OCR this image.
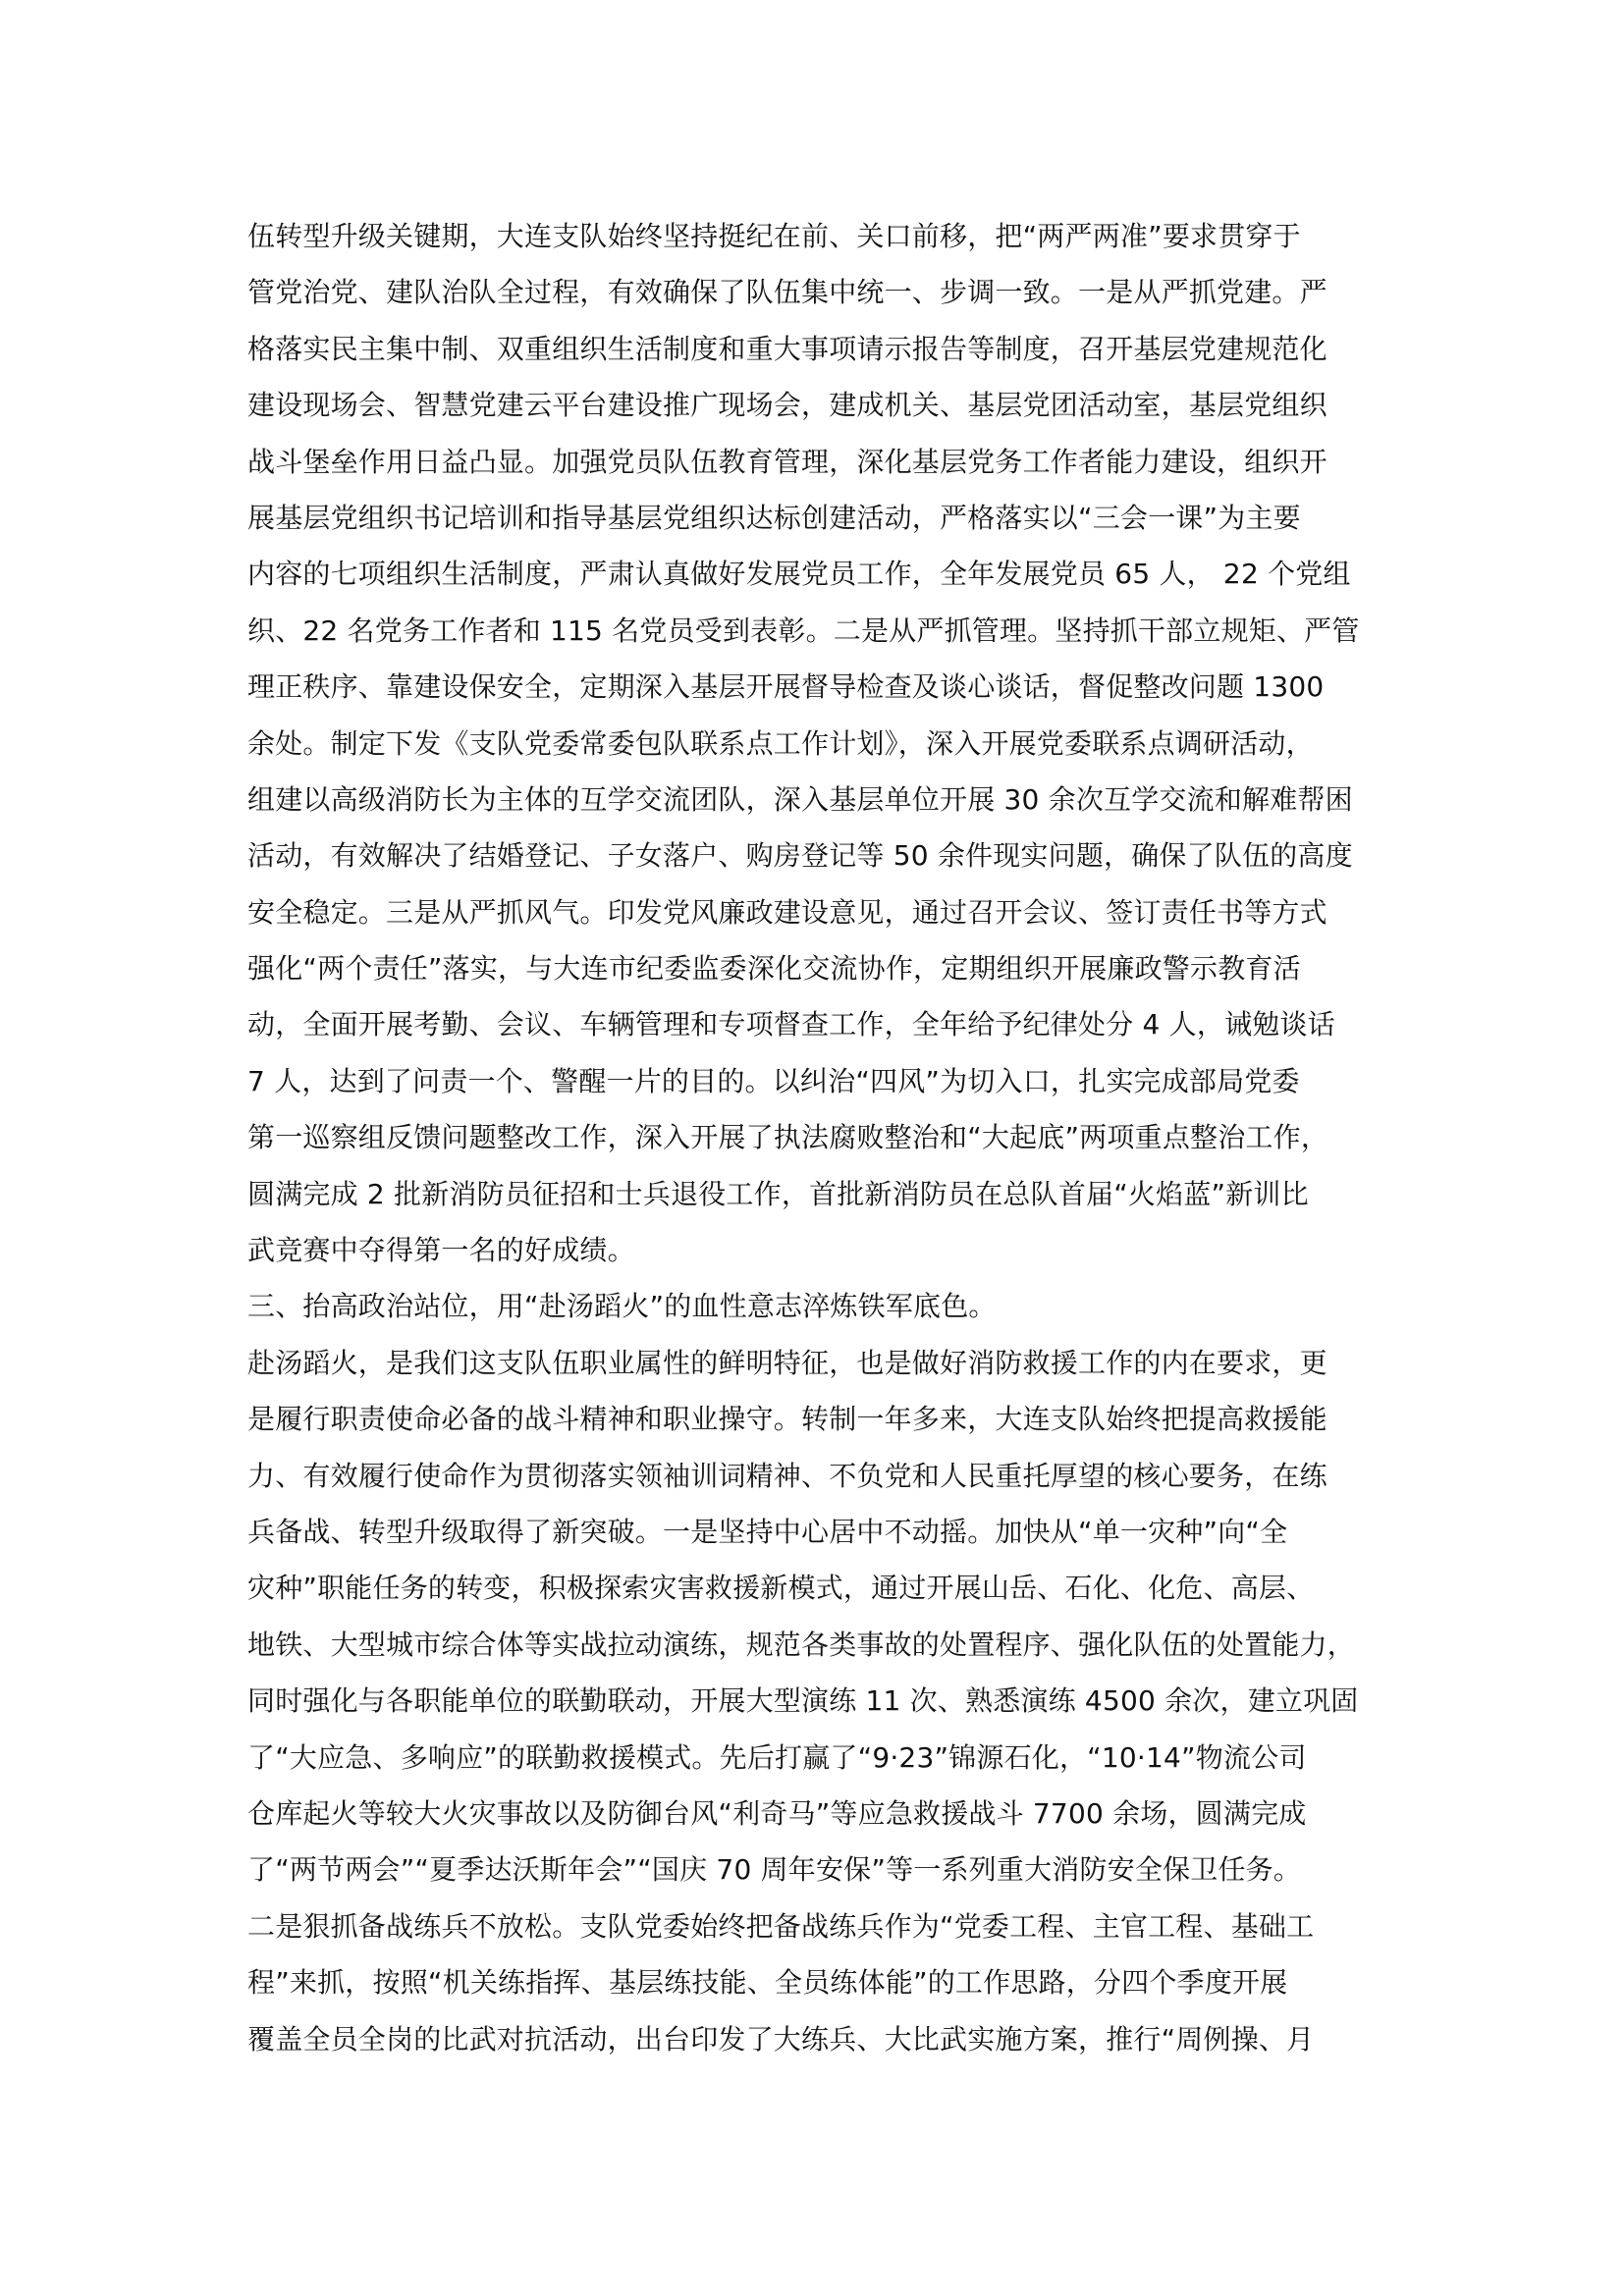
伍转型升级关键期，大连支队始终坚持挺纪在前、关口前移，把“两严两准”要求贯穿于
管党治党、建队治队全过程，有效确保了队伍集中统一、步调一致。一是从严抓党建。严
格落实民主集中制、双重组织生活制度和重大事项请示报告等制度，召开基层党建规范化
建设现场会、智慧党建云平台建设推广现场会，建成机关、基层党团活动室，基层党组织
战斗堡垒作用日益凸显。加强党员队伍教育管理，深化基层党务工作者能力建设，组织开
展基层党组织书记培训和指导基层党组织达标创建活动，严格落实以“三会一课”为主要
内容的七项组织生活制度，严肃认真做好发展党员工作，全年发展党员 65 人， 22 个党组
织、22 名党务工作者和 115 名党员受到表彰。二是从严抓管理。坚持抓干部立规矩、严管
理正秩序、靠建设保安全，定期深入基层开展督导检查及谈心谈话，督促整改问题 1300
余处。制定下发《支队党委常委包队联系点工作计划》，深入开展党委联系点调研活动，
组建以高级消防长为主体的互学交流团队，深入基层单位开展 30 余次互学交流和解难帮困
活动，有效解决了结婚登记、子女落户、购房登记等 50 余件现实问题，确保了队伍的高度
安全稳定。三是从严抓风气。印发党风廉政建设意见，通过召开会议、签订责任书等方式
强化“两个责任”落实，与大连市纪委监委深化交流协作，定期组织开展廉政警示教育活
动，全面开展考勤、会议、车辆管理和专项督查工作，全年给予纪律处分 4 人，诫勉谈话
7 人，达到了问责一个、警醒一片的目的。以纠治“四风”为切入口，扎实完成部局党委
第一巡察组反馈问题整改工作，深入开展了执法腐败整治和“大起底”两项重点整治工作，
圆满完成 2 批新消防员征招和士兵退役工作，首批新消防员在总队首届“火焰蓝”新训比
武竞赛中夺得第一名的好成绩。
三、抬高政治站位，用“赴汤蹈火”的血性意志淬炼铁军底色。
赴汤蹈火，是我们这支队伍职业属性的鲜明特征，也是做好消防救援工作的内在要求，更
是履行职责使命必备的战斗精神和职业操守。转制一年多来，大连支队始终把提高救援能
力、有效履行使命作为贯彻落实领袖训词精神、不负党和人民重托厚望的核心要务，在练
兵备战、转型升级取得了新突破。一是坚持中心居中不动摇。加快从“单一灾种”向“全
灾种”职能任务的转变，积极探索灾害救援新模式，通过开展山岳、石化、化危、高层、
地铁、大型城市综合体等实战拉动演练，规范各类事故的处置程序、强化队伍的处置能力，
同时强化与各职能单位的联勤联动，开展大型演练 11 次、熟悉演练 4500 余次，建立巩固
了“大应急、多响应”的联勤救援模式。先后打赢了“9·23”锦源石化，“10·14”物流公司
仓库起火等较大火灾事故以及防御台风“利奇马”等应急救援战斗 7700 余场，圆满完成
了“两节两会”“夏季达沃斯年会”“国庆 70 周年安保”等一系列重大消防安全保卫任务。
二是狠抓备战练兵不放松。支队党委始终把备战练兵作为“党委工程、主官工程、基础工
程”来抓，按照“机关练指挥、基层练技能、全员练体能”的工作思路，分四个季度开展
覆盖全员全岗的比武对抗活动，出台印发了大练兵、大比武实施方案，推行“周例操、月
